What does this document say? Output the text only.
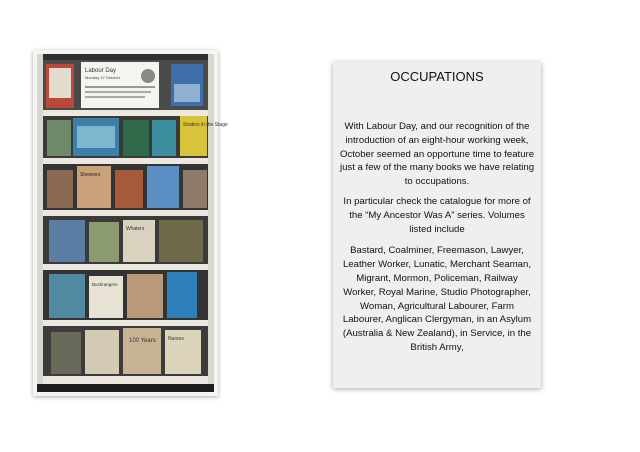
Labour Day
Monday 27 October
Studies in the Stage
Shearers
Whalers
Bushrangers
100 Years Nurses
OCCUPATIONS

With Labour Day, and our recognition of the introduction of an eight-hour working week, October seemed an opportune time to feature just a few of the many books we have relating to occupations.

In particular check the catalogue for more of the “My Ancestor Was A” series. Volumes listed include

Bastard, Coalminer, Freemason, Lawyer, Leather Worker, Lunatic, Merchant Seaman, Migrant, Mormon, Policeman, Railway Worker, Royal Marine, Studio Photographer, Woman, Agricultural Labourer, Farm Labourer, Anglican Clergyman, in an Asylum (Australia & New Zealand), in Service, in the British Army,
